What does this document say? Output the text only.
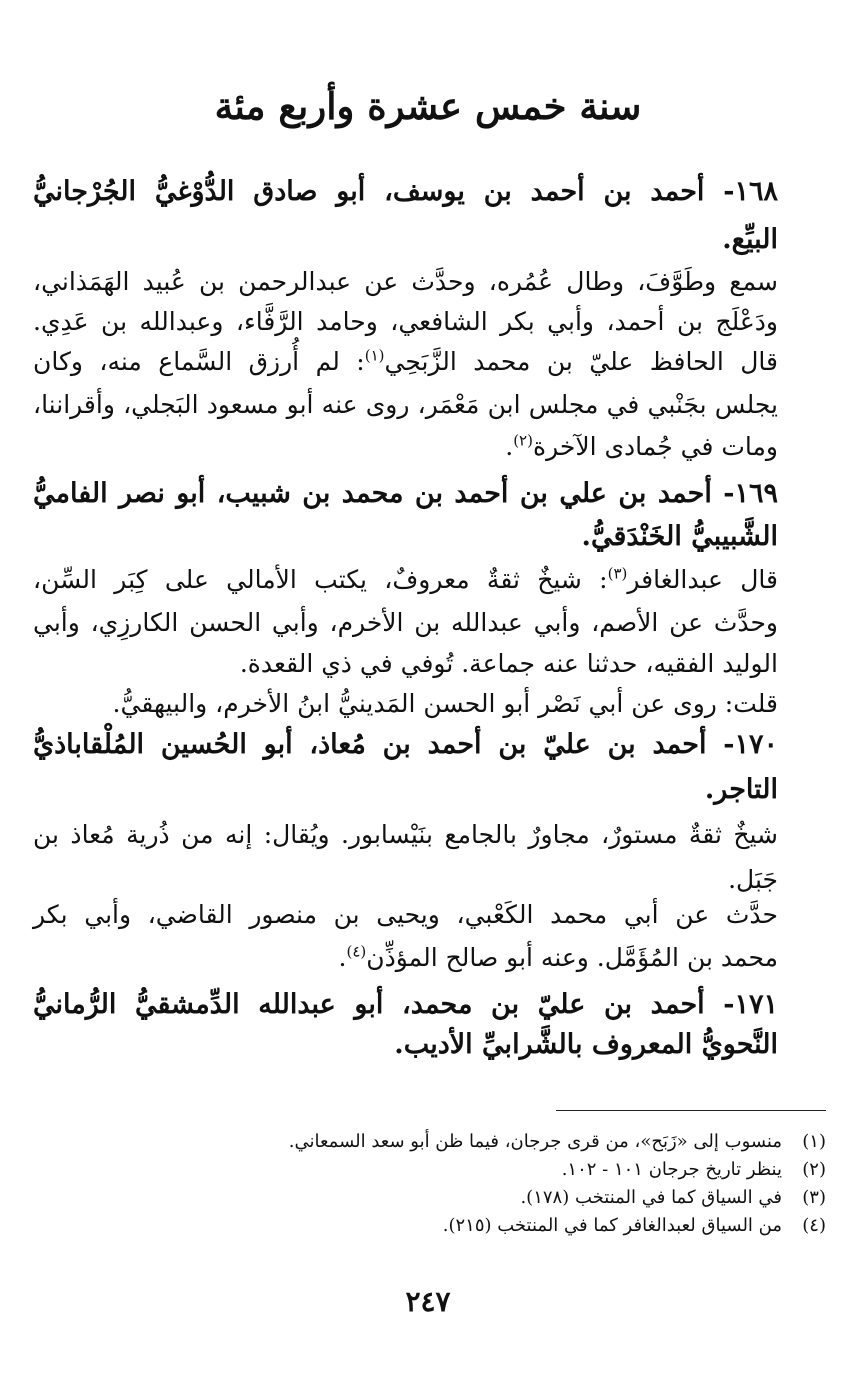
سنة خمس عشرة وأربع مئة
١٦٨- أحمد بن أحمد بن يوسف، أبو صادق الدُّوْغيُّ الجُرْجانيُّ
البيِّع.
سمع وطَوَّفَ، وطال عُمُره، وحدَّث عن عبدالرحمن بن عُبيد الهَمَذاني،
ودَعْلَج بن أحمد، وأبي بكر الشافعي، وحامد الرَّفَّاء، وعبدالله بن عَدِي.
قال الحافظ عليّ بن محمد الزَّبَحِي$^{(١)}$: لم أُرزق السَّماع منه، وكان
يجلس بجَنْبي في مجلس ابن مَعْمَر، روى عنه أبو مسعود البَجلي، وأقراننا،
ومات في جُمادى الآخرة$^{(٢)}$.
١٦٩- أحمد بن علي بن أحمد بن محمد بن شبيب، أبو نصر الفاميُّ
الشَّبيبيُّ الخَنْدَقيُّ.
قال عبدالغافر$^{(٣)}$: شيخٌ ثقةٌ معروفٌ، يكتب الأمالي على كِبَر السِّن،
وحدَّث عن الأصم، وأبي عبدالله بن الأخرم، وأبي الحسن الكارزِي، وأبي
الوليد الفقيه، حدثنا عنه جماعة. تُوفي في ذي القعدة.
قلت: روى عن أبي نَصْر أبو الحسن المَدينيُّ ابنُ الأخرم، والبيهقيُّ.
١٧٠- أحمد بن عليّ بن أحمد بن مُعاذ، أبو الحُسين المُلْقاباذيُّ
التاجر.
شيخٌ ثقةٌ مستورٌ، مجاورٌ بالجامع بنَيْسابور. ويُقال: إنه من ذُرية مُعاذ بن
جَبَل.
حدَّث عن أبي محمد الكَعْبي، ويحيى بن منصور القاضي، وأبي بكر
محمد بن المُؤَمَّل. وعنه أبو صالح المؤذِّن$^{(٤)}$.
١٧١- أحمد بن عليّ بن محمد، أبو عبدالله الدِّمشقيُّ الرُّمانيُّ
النَّحويُّ المعروف بالشَّرابيِّ الأديب.
(١)منسوب إلى «زَبَح»، من قرى جرجان، فيما ظن أبو سعد السمعاني.
(٢)ينظر تاريخ جرجان ١٠١ - ١٠٢.
(٣)في السياق كما في المنتخب (١٧٨).
(٤)من السياق لعبدالغافر كما في المنتخب (٢١٥).
٢٤٧
